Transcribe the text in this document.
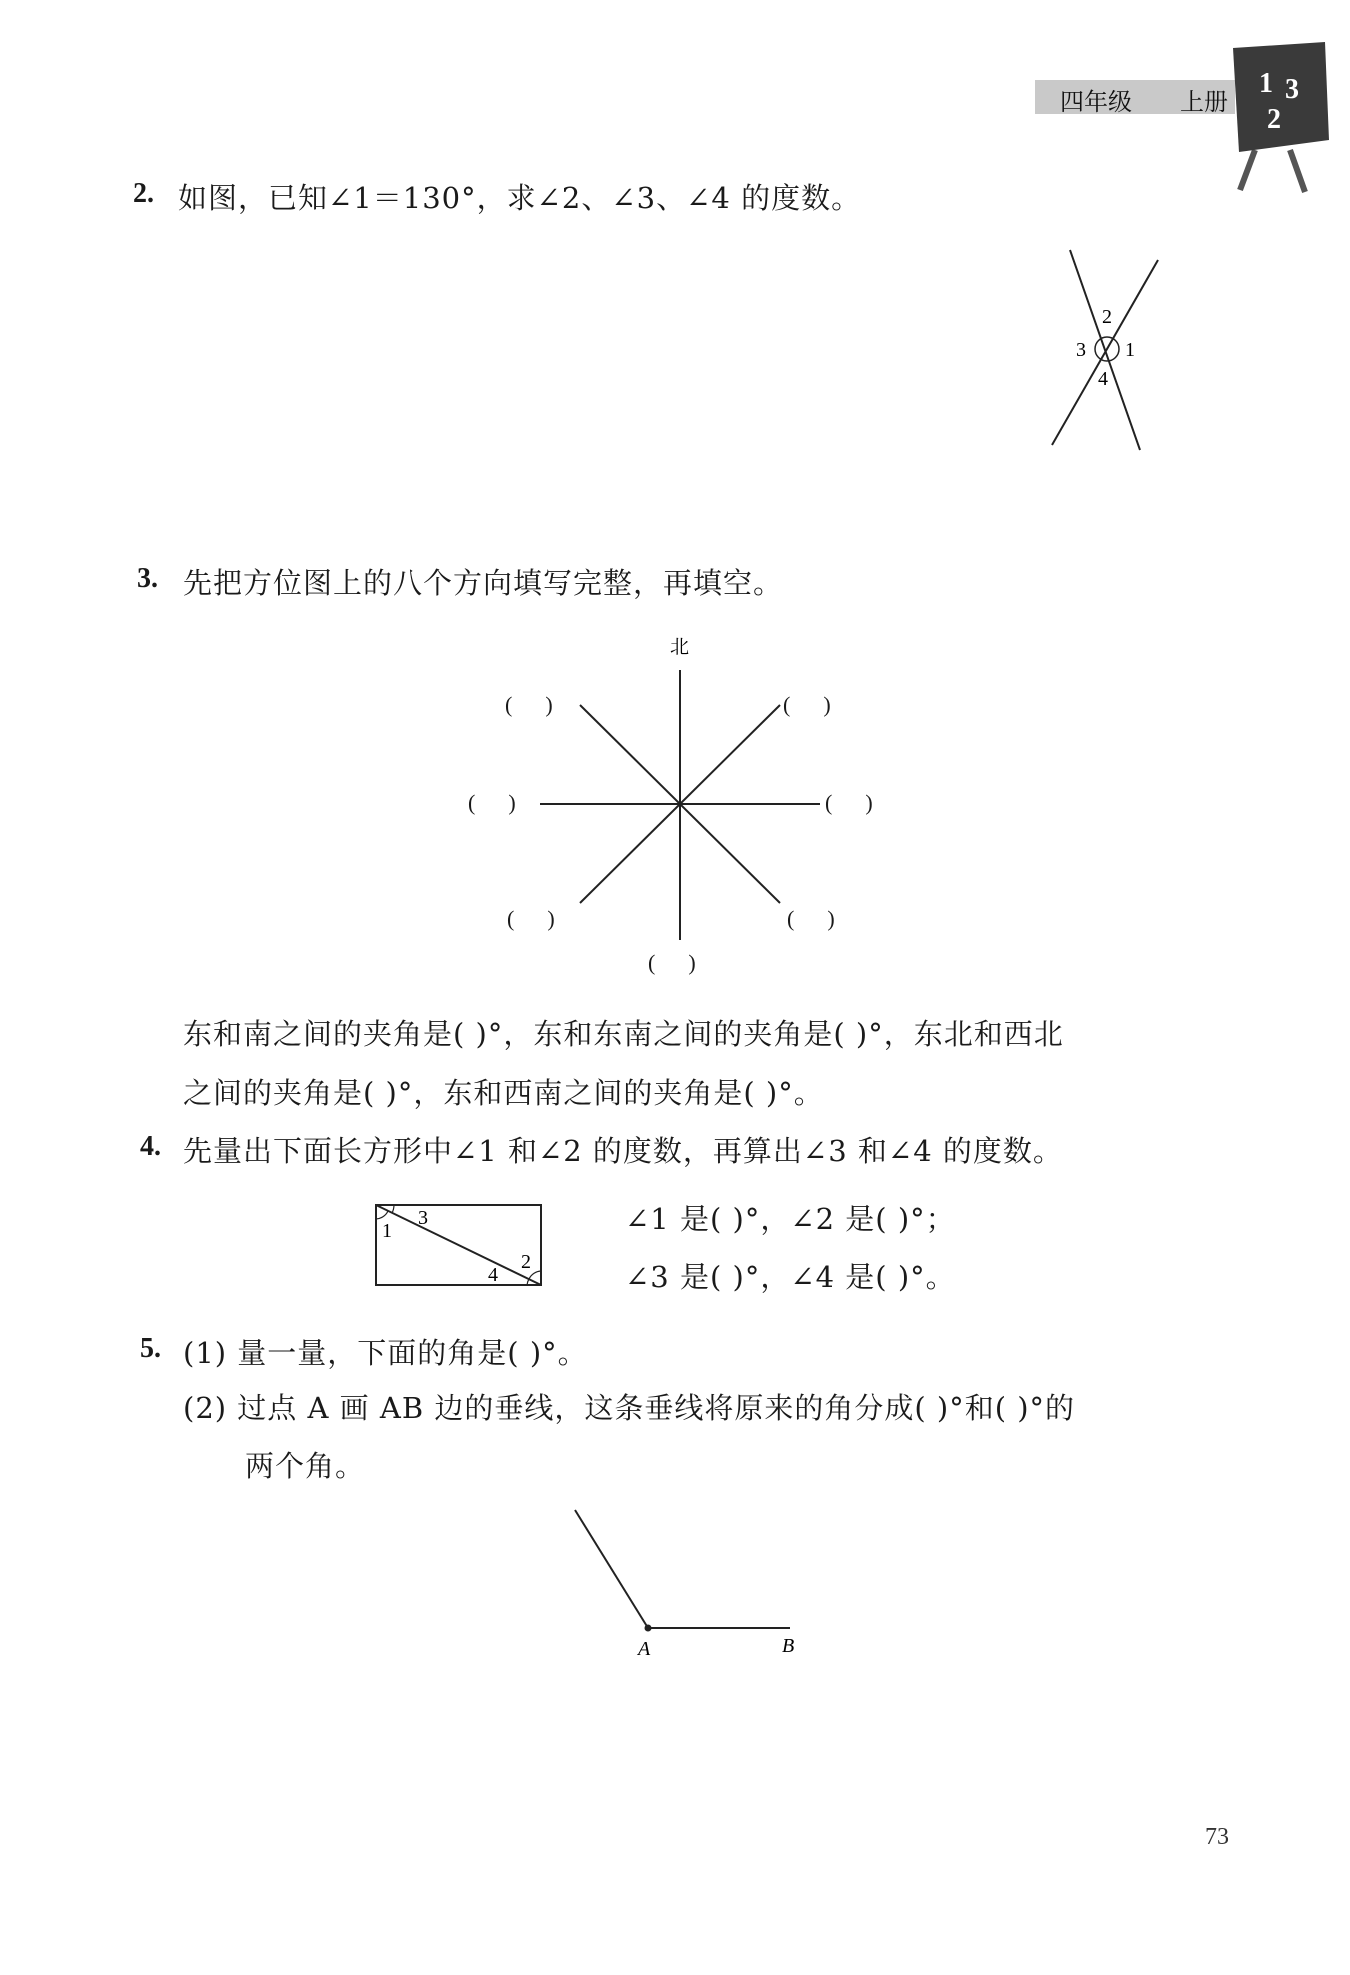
四年级 上册
1 3
2
2. 如图，已知∠1＝130°，求∠2、∠3、∠4 的度数。
2
3 1
4
3. 先把方位图上的八个方向填写完整，再填空。
北
(      )	(      )
(      )	(      )
(      )	(      )
(      )
东和南之间的夹角是( )°，东和东南之间的夹角是( )°，东北和西北
之间的夹角是( )°，东和西南之间的夹角是( )°。
4. 先量出下面长方形中∠1 和∠2 的度数，再算出∠3 和∠4 的度数。
1
3
2
4
∠1 是( )°，∠2 是( )°；
∠3 是( )°，∠4 是( )°。
5. (1) 量一量，下面的角是( )°。
(2) 过点 A 画 AB 边的垂线，这条垂线将原来的角分成( )°和( )°的
两个角。
A	B
73
